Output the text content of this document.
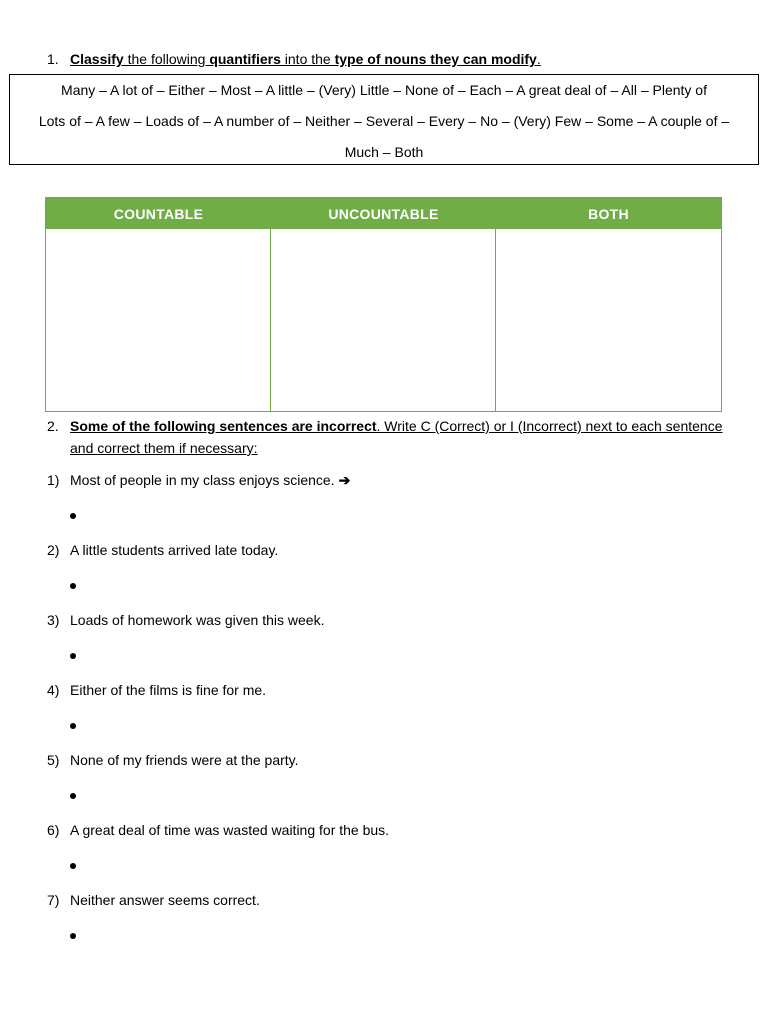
1. Classify the following quantifiers into the type of nouns they can modify.
Many – A lot of – Either – Most – A little – (Very) Little – None of – Each – A great deal of – All – Plenty of
Lots of – A few – Loads of – A number of – Neither – Several – Every – No – (Very) Few – Some – A couple of –
Much – Both
COUNTABLE	UNCOUNTABLE	BOTH
2. Some of the following sentences are incorrect. Write C (Correct) or I (Incorrect) next to each sentence
and correct them if necessary:
1) Most of people in my class enjoys science. ➔
2) A little students arrived late today.
3) Loads of homework was given this week.
4) Either of the films is fine for me.
5) None of my friends were at the party.
6) A great deal of time was wasted waiting for the bus.
7) Neither answer seems correct.
